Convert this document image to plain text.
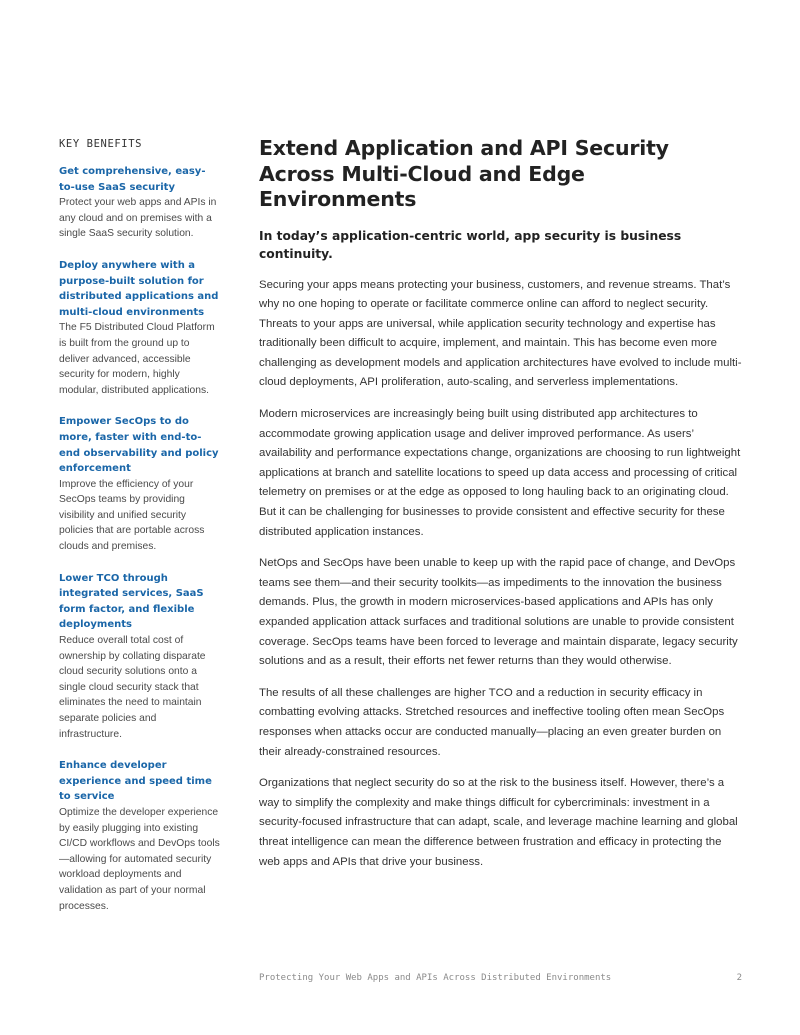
KEY BENEFITS
Get comprehensive, easy-to-use SaaS security
Protect your web apps and APIs in any cloud and on premises with a single SaaS security solution.
Deploy anywhere with a purpose-built solution for distributed applications and multi-cloud environments
The F5 Distributed Cloud Platform is built from the ground up to deliver advanced, accessible security for modern, highly modular, distributed applications.
Empower SecOps to do more, faster with end-to-end observability and policy enforcement
Improve the efficiency of your SecOps teams by providing visibility and unified security policies that are portable across clouds and premises.
Lower TCO through integrated services, SaaS form factor, and flexible deployments
Reduce overall total cost of ownership by collating disparate cloud security solutions onto a single cloud security stack that eliminates the need to maintain separate policies and infrastructure.
Enhance developer experience and speed time to service
Optimize the developer experience by easily plugging into existing CI/CD workflows and DevOps tools—allowing for automated security workload deployments and validation as part of your normal processes.
Extend Application and API Security Across Multi-Cloud and Edge Environments
In today’s application-centric world, app security is business continuity.

Securing your apps means protecting your business, customers, and revenue streams. That’s why no one hoping to operate or facilitate commerce online can afford to neglect security. Threats to your apps are universal, while application security technology and expertise has traditionally been difficult to acquire, implement, and maintain. This has become even more challenging as development models and application architectures have evolved to include multi-cloud deployments, API proliferation, auto-scaling, and serverless implementations.

Modern microservices are increasingly being built using distributed app architectures to accommodate growing application usage and deliver improved performance. As users’ availability and performance expectations change, organizations are choosing to run lightweight applications at branch and satellite locations to speed up data access and processing of critical telemetry on premises or at the edge as opposed to long hauling back to an originating cloud. But it can be challenging for businesses to provide consistent and effective security for these distributed application instances.

NetOps and SecOps have been unable to keep up with the rapid pace of change, and DevOps teams see them—and their security toolkits—as impediments to the innovation the business demands. Plus, the growth in modern microservices-based applications and APIs has only expanded application attack surfaces and traditional solutions are unable to provide consistent coverage. SecOps teams have been forced to leverage and maintain disparate, legacy security solutions and as a result, their efforts net fewer returns than they would otherwise.

The results of all these challenges are higher TCO and a reduction in security efficacy in combatting evolving attacks. Stretched resources and ineffective tooling often mean SecOps responses when attacks occur are conducted manually—placing an even greater burden on their already-constrained resources.

Organizations that neglect security do so at the risk to the business itself. However, there’s a way to simplify the complexity and make things difficult for cybercriminals: investment in a security-focused infrastructure that can adapt, scale, and leverage machine learning and global threat intelligence can mean the difference between frustration and efficacy in protecting the web apps and APIs that drive your business.

Protecting Your Web Apps and APIs Across Distributed Environments	2
